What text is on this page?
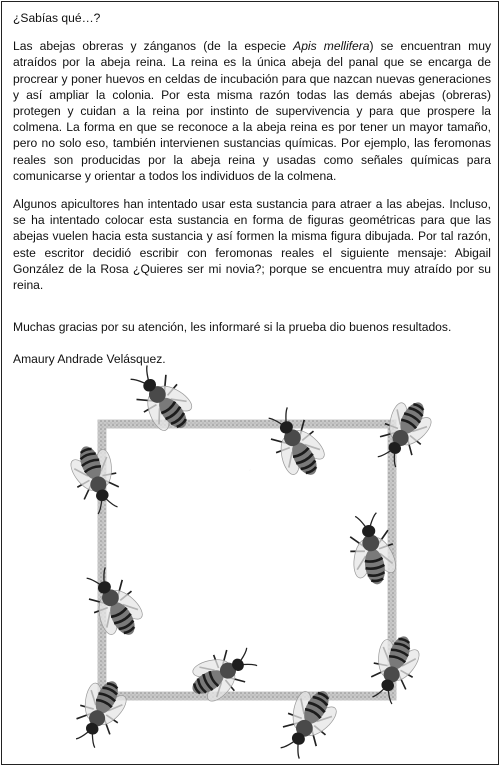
¿Sabías qué…?

Las abejas obreras y zánganos (de la especie Apis mellifera) se encuentran muy atraídos por la abeja reina. La reina es la única abeja del panal que se encarga de procrear y poner huevos en celdas de incubación para que nazcan nuevas generaciones y así ampliar la colonia. Por esta misma razón todas las demás abejas (obreras) protegen y cuidan a la reina por instinto de supervivencia y para que prospere la colmena. La forma en que se reconoce a la abeja reina es por tener un mayor tamaño, pero no solo eso, también intervienen sustancias químicas. Por ejemplo, las feromonas reales son producidas por la abeja reina y usadas como señales químicas para comunicarse y orientar a todos los individuos de la colmena.

Algunos apicultores han intentado usar esta sustancia para atraer a las abejas. Incluso, se ha intentado colocar esta sustancia en forma de figuras geométricas para que las abejas vuelen hacia esta sustancia y así formen la misma figura dibujada. Por tal razón, este escritor decidió escribir con feromonas reales el siguiente mensaje: Abigail González de la Rosa ¿Quieres ser mi novia?; porque se encuentra muy atraído por su reina.

Muchas gracias por su atención, les informaré si la prueba dio buenos resultados.

Amaury Andrade Velásquez.
